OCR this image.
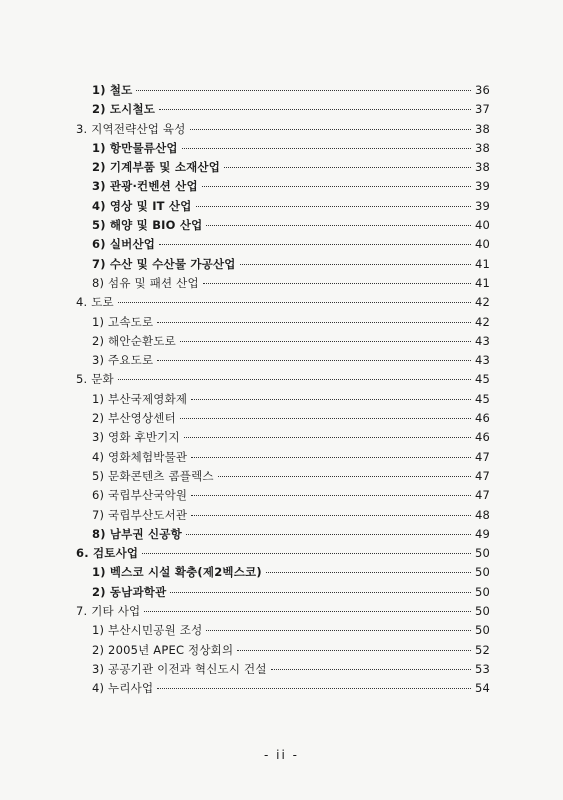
1) 철도	36
2) 도시철도	37
3. 지역전략산업 육성	38
1) 항만물류산업	38
2) 기계부품 및 소재산업	38
3) 관광·컨벤션 산업	39
4) 영상 및 IT 산업	39
5) 해양 및 BIO 산업	40
6) 실버산업	40
7) 수산 및 수산물 가공산업	41
8) 섬유 및 패션 산업	41
4. 도로	42
1) 고속도로	42
2) 해안순환도로	43
3) 주요도로	43
5. 문화	45
1) 부산국제영화제	45
2) 부산영상센터	46
3) 영화 후반기지	46
4) 영화체험박물관	47
5) 문화콘텐츠 콤플렉스	47
6) 국립부산국악원	47
7) 국립부산도서관	48
8) 남부권 신공항	49
6. 검토사업	50
1) 벡스코 시설 확충(제2벡스코)	50
2) 동남과학관	50
7. 기타 사업	50
1) 부산시민공원 조성	50
2) 2005년 APEC 정상회의	52
3) 공공기관 이전과 혁신도시 건설	53
4) 누리사업	54
- ii -
